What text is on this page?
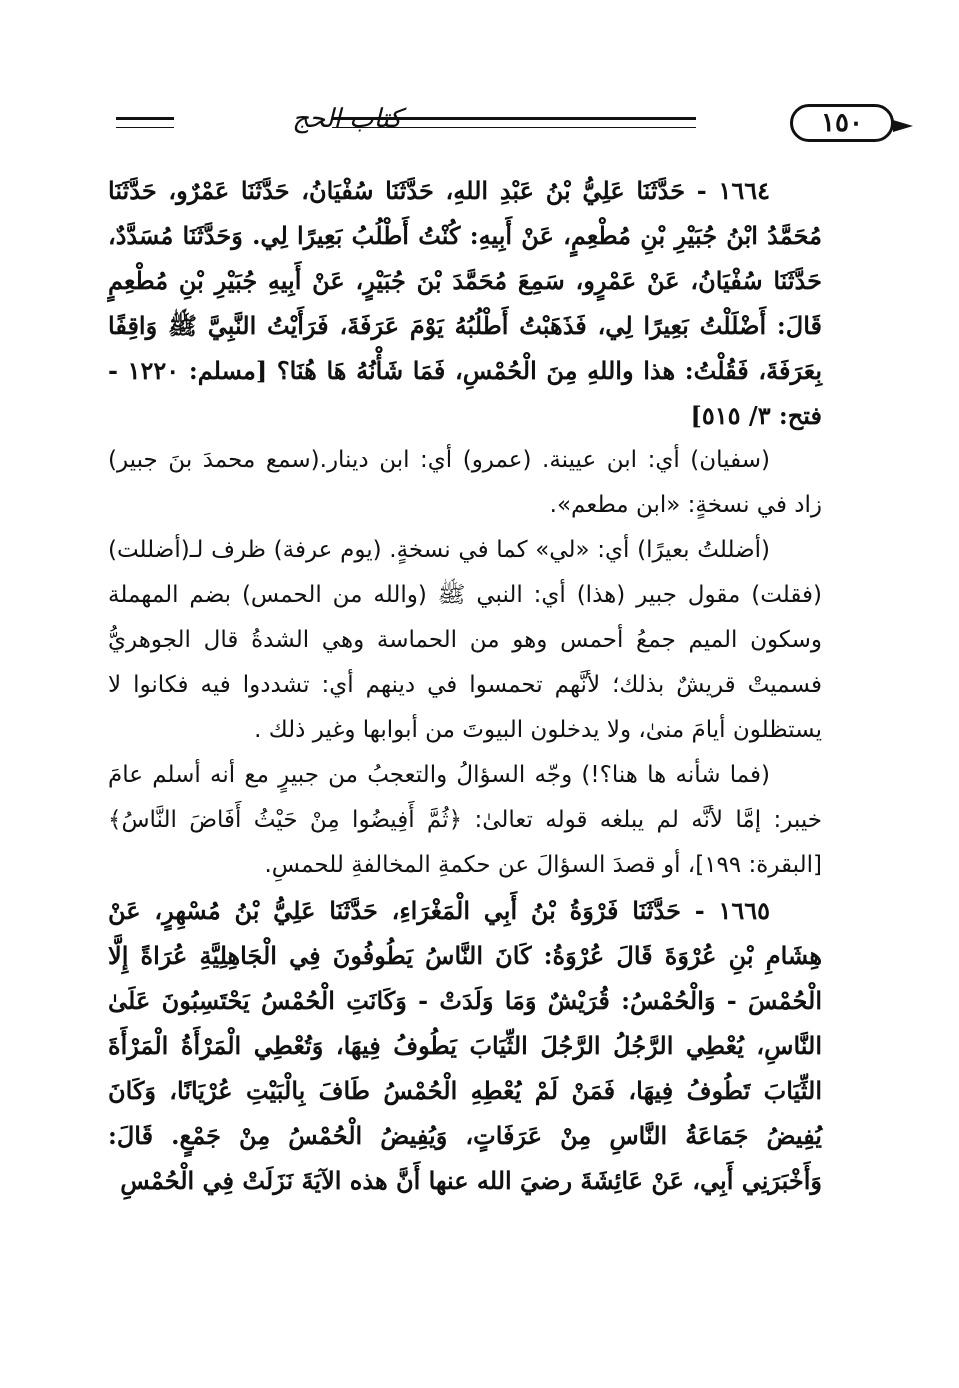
كتاب الحج	١٥٠

١٦٦٤ - حَدَّثَنَا عَلِيُّ بْنُ عَبْدِ اللهِ، حَدَّثَنَا سُفْيَانُ، حَدَّثَنَا عَمْرٌو، حَدَّثَنَا مُحَمَّدُ ابْنُ جُبَيْرِ بْنِ مُطْعِمٍ، عَنْ أَبِيهِ: كُنْتُ أَطْلُبُ بَعِيرًا لِي. وَحَدَّثَنَا مُسَدَّدٌ، حَدَّثَنَا سُفْيَانُ، عَنْ عَمْرٍو، سَمِعَ مُحَمَّدَ بْنَ جُبَيْرٍ، عَنْ أَبِيهِ جُبَيْرِ بْنِ مُطْعِمٍ قَالَ: أَضْلَلْتُ بَعِيرًا لِي، فَذَهَبْتُ أَطْلُبُهُ يَوْمَ عَرَفَةَ، فَرَأَيْتُ النَّبِيَّ ﷺ وَاقِفًا بِعَرَفَةَ، فَقُلْتُ: هذا واللهِ مِنَ الْحُمْسِ، فَمَا شَأْنُهُ هَا هُنَا؟ [مسلم: ١٢٢٠ - فتح: ٣/ ٥١٥]

(سفيان) أي: ابن عيينة. (عمرو) أي: ابن دينار.(سمع محمدَ بنَ جبير) زاد في نسخةٍ: «ابن مطعم».

(أضللتُ بعيرًا) أي: «لي» كما في نسخةٍ. (يوم عرفة) ظرف لـ(أضللت) (فقلت) مقول جبير (هذا) أي: النبي ﷺ (والله من الحمس) بضم المهملة وسكون الميم جمعُ أحمس وهو من الحماسة وهي الشدةُ قال الجوهريُّ فسميتْ قريشٌ بذلك؛ لأنَّهم تحمسوا في دينهم أي: تشددوا فيه فكانوا لا يستظلون أيامَ منىٰ، ولا يدخلون البيوتَ من أبوابها وغير ذلك .

(فما شأنه ها هنا؟!) وجّه السؤالُ والتعجبُ من جبيرٍ مع أنه أسلم عامَ خيبر: إمَّا لأنَّه لم يبلغه قوله تعالىٰ: ﴿ثُمَّ أَفِيضُوا مِنْ حَيْثُ أَفَاضَ النَّاسُ﴾ [البقرة: ١٩٩]، أو قصدَ السؤالَ عن حكمةِ المخالفةِ للحمسِ.

١٦٦٥ - حَدَّثَنَا فَرْوَةُ بْنُ أَبِي الْمَغْرَاءِ، حَدَّثَنَا عَلِيُّ بْنُ مُسْهِرٍ، عَنْ هِشَامِ بْنِ عُرْوَةَ قَالَ عُرْوَةُ: كَانَ النَّاسُ يَطُوفُونَ فِي الْجَاهِلِيَّةِ عُرَاةً إِلَّا الْحُمْسَ - وَالْحُمْسُ: قُرَيْشٌ وَمَا وَلَدَتْ - وَكَانَتِ الْحُمْسُ يَحْتَسِبُونَ عَلَىٰ النَّاسِ، يُعْطِي الرَّجُلُ الرَّجُلَ الثِّيَابَ يَطُوفُ فِيهَا، وَتُعْطِي الْمَرْأَةُ الْمَرْأَةَ الثِّيَابَ تَطُوفُ فِيهَا، فَمَنْ لَمْ يُعْطِهِ الْحُمْسُ طَافَ بِالْبَيْتِ عُرْيَانًا، وَكَانَ يُفِيضُ جَمَاعَةُ النَّاسِ مِنْ عَرَفَاتٍ، وَيُفِيضُ الْحُمْسُ مِنْ جَمْعٍ. قَالَ: وَأَخْبَرَنِي أَبِي، عَنْ عَائِشَةَ رضيَ الله عنها أَنَّ هذه الآيَةَ نَزَلَتْ فِي الْحُمْسِ
